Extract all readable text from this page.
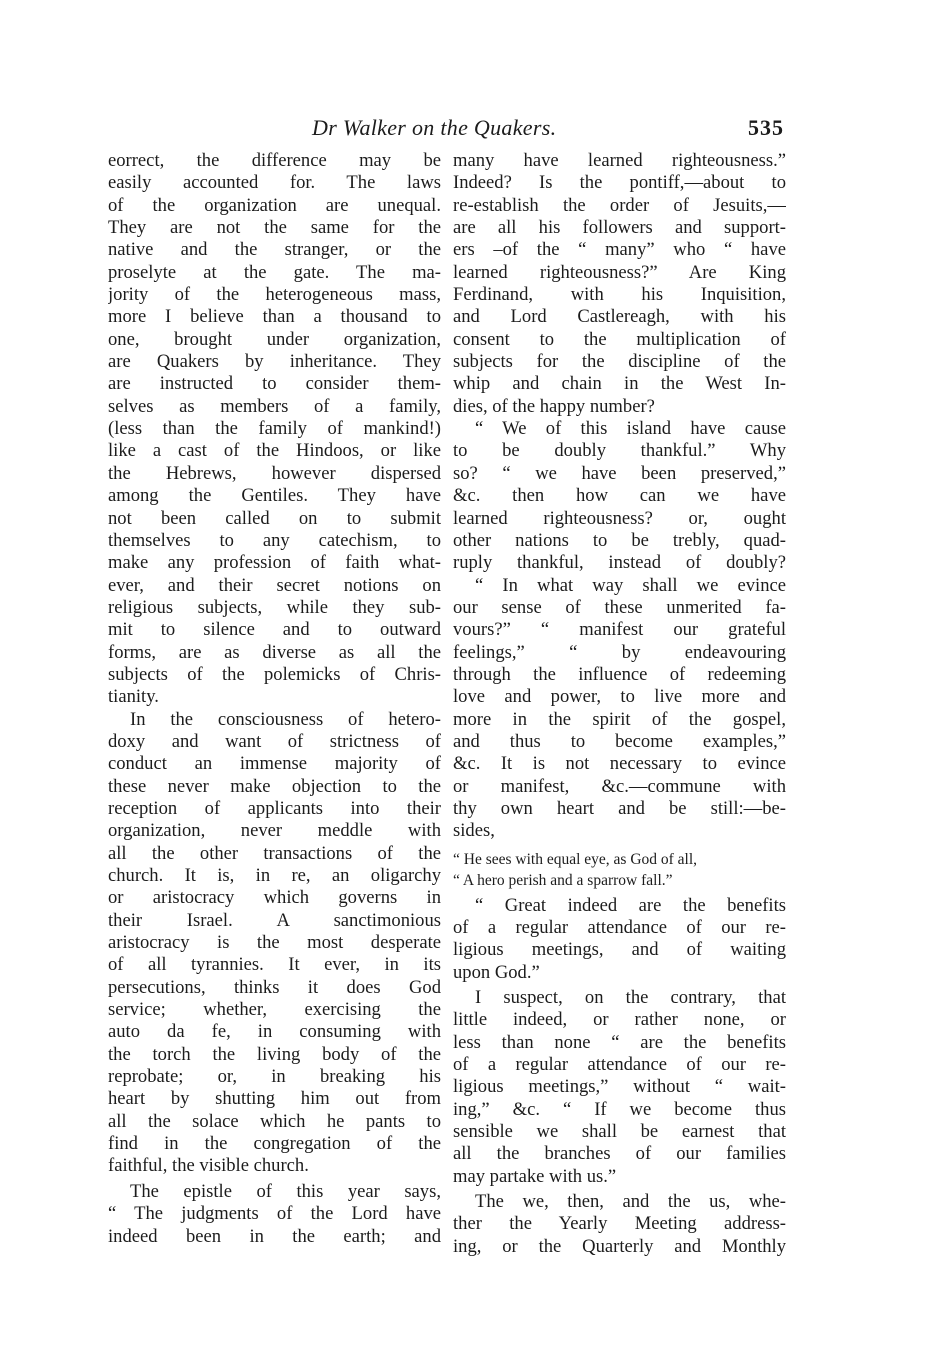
Dr Walker on the Quakers.	535
eorrect, the difference may be
easily accounted for. The laws
of the organization are unequal.
They are not the same for the
native and the stranger, or the
proselyte at the gate. The ma-
jority of the heterogeneous mass,
more I believe than a thousand to
one, brought under organization,
are Quakers by inheritance. They
are instructed to consider them-
selves as members of a family,
(less than the family of mankind!)
like a cast of the Hindoos, or like
the Hebrews, however dispersed
among the Gentiles. They have
not been called on to submit
themselves to any catechism, to
make any profession of faith what-
ever, and their secret notions on
religious subjects, while they sub-
mit to silence and to outward
forms, are as diverse as all the
subjects of the polemicks of Chris-
tianity.
In the consciousness of hetero-
doxy and want of strictness of
conduct an immense majority of
these never make objection to the
reception of applicants into their
organization, never meddle with
all the other transactions of the
church. It is, in re, an oligarchy
or aristocracy which governs in
their Israel. A sanctimonious
aristocracy is the most desperate
of all tyrannies. It ever, in its
persecutions, thinks it does God
service; whether, exercising the
auto da fe, in consuming with
the torch the living body of the
reprobate; or, in breaking his
heart by shutting him out from
all the solace which he pants to
find in the congregation of the
faithful, the visible church.
The epistle of this year says,
“ The judgments of the Lord have
indeed been in the earth; and
many have learned righteousness.”
Indeed? Is the pontiff,—about to
re-establish the order of Jesuits,—
are all his followers and support-
ers –of the “ many” who “ have
learned righteousness?” Are King
Ferdinand, with his Inquisition,
and Lord Castlereagh, with his
consent to the multiplication of
subjects for the discipline of the
whip and chain in the West In-
dies, of the happy number?
“ We of this island have cause
to be doubly thankful.” Why
so? “ we have been preserved,”
&c. then how can we have
learned righteousness? or, ought
other nations to be trebly, quad-
ruply thankful, instead of doubly?
“ In what way shall we evince
our sense of these unmerited fa-
vours?” “ manifest our grateful
feelings,” “ by endeavouring
through the influence of redeeming
love and power, to live more and
more in the spirit of the gospel,
and thus to become examples,”
&c. It is not necessary to evince
or manifest, &c.—commune with
thy own heart and be still:—be-
sides,
“ He sees with equal eye, as God of all,
“ A hero perish and a sparrow fall.”
“ Great indeed are the benefits
of a regular attendance of our re-
ligious meetings, and of waiting
upon God.”
I suspect, on the contrary, that
little indeed, or rather none, or
less than none “ are the benefits
of a regular attendance of our re-
ligious meetings,” without “ wait-
ing,” &c. “ If we become thus
sensible we shall be earnest that
all the branches of our families
may partake with us.”
The we, then, and the us, whe-
ther the Yearly Meeting address-
ing, or the Quarterly and Monthly
